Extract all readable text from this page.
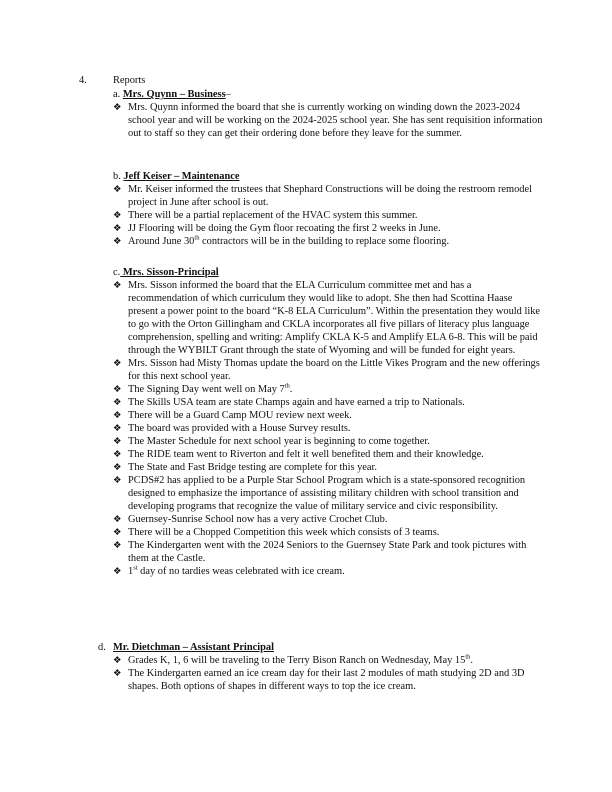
4.	Reports
a. Mrs. Quynn – Business–
❖ Mrs. Quynn informed the board that she is currently working on winding down the 2023-2024 school year and will be working on the 2024-2025 school year. She has sent requisition information out to staff so they can get their ordering done before they leave for the summer.
b. Jeff Keiser – Maintenance
❖ Mr. Keiser informed the trustees that Shephard Constructions will be doing the restroom remodel project in June after school is out.
❖ There will be a partial replacement of the HVAC system this summer.
❖ JJ Flooring will be doing the Gym floor recoating the first 2 weeks in June.
❖ Around June 30th contractors will be in the building to replace some flooring.
c. Mrs. Sisson-Principal
❖ Mrs. Sisson informed the board that the ELA Curriculum committee met and has a recommendation of which curriculum they would like to adopt. She then had Scottina Haase present a power point to the board “K-8 ELA Curriculum”. Within the presentation they would like to go with the Orton Gillingham and CKLA incorporates all five pillars of literacy plus language comprehension, spelling and writing: Amplify CKLA K-5 and Amplify ELA 6-8. This will be paid through the WYBILT Grant through the state of Wyoming and will be funded for eight years.
❖ Mrs. Sisson had Misty Thomas update the board on the Little Vikes Program and the new offerings for this next school year.
❖ The Signing Day went well on May 7th.
❖ The Skills USA team are state Champs again and have earned a trip to Nationals.
❖ There will be a Guard Camp MOU review next week.
❖ The board was provided with a House Survey results.
❖ The Master Schedule for next school year is beginning to come together.
❖ The RIDE team went to Riverton and felt it well benefited them and their knowledge.
❖ The State and Fast Bridge testing are complete for this year.
❖ PCDS#2 has applied to be a Purple Star School Program which is a state-sponsored recognition designed to emphasize the importance of assisting military children with school transition and developing programs that recognize the value of military service and civic responsibility.
❖ Guernsey-Sunrise School now has a very active Crochet Club.
❖ There will be a Chopped Competition this week which consists of 3 teams.
❖ The Kindergarten went with the 2024 Seniors to the Guernsey State Park and took pictures with them at the Castle.
❖ 1st day of no tardies weas celebrated with ice cream.
d. Mr. Dietchman – Assistant Principal
❖ Grades K, 1, 6 will be traveling to the Terry Bison Ranch on Wednesday, May 15th.
❖ The Kindergarten earned an ice cream day for their last 2 modules of math studying 2D and 3D shapes. Both options of shapes in different ways to top the ice cream.
